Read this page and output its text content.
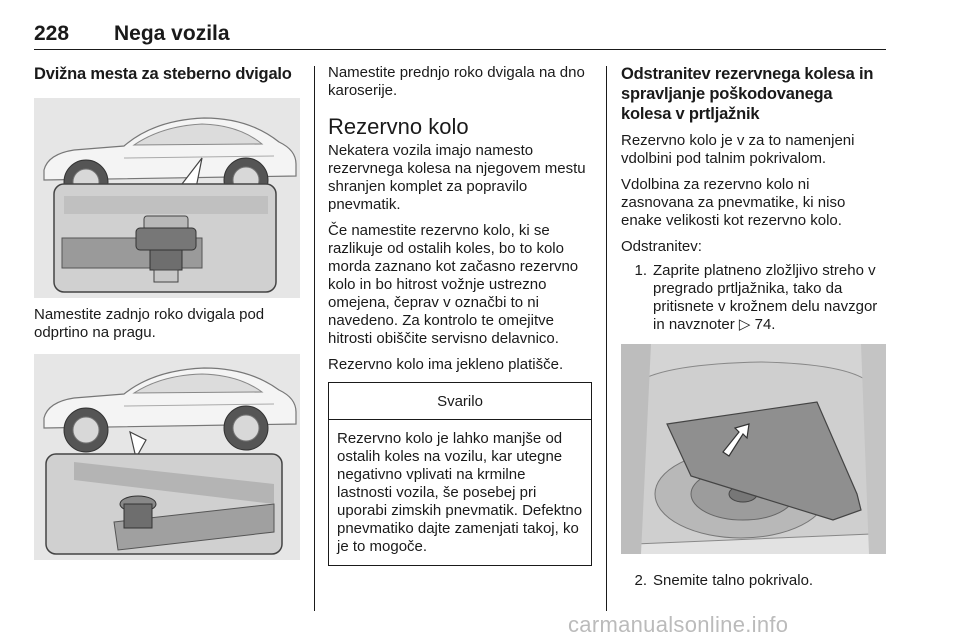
228 Nega vozila
Dvižna mesta za steberno dvigalo

Namestite zadnjo roko dvigala pod odprtino na pragu.

Namestite prednjo roko dvigala na dno karoserije.

Rezervno kolo

Nekatera vozila imajo namesto rezervnega kolesa na njegovem mestu shranjen komplet za popravilo pnevmatik.

Če namestite rezervno kolo, ki se razlikuje od ostalih koles, bo to kolo morda zaznano kot začasno rezervno kolo in bo hitrost vožnje ustrezno omejena, čeprav v označbi to ni navedeno. Za kontrolo te omejitve hitrosti obiščite servisno delavnico.

Rezervno kolo ima jekleno platišče.

Svarilo
Rezervno kolo je lahko manjše od ostalih koles na vozilu, kar utegne negativno vplivati na krmilne lastnosti vozila, še posebej pri uporabi zimskih pnevmatik. Defektno pnevmatiko dajte zamenjati takoj, ko je to mogoče.
Odstranitev rezervnega kolesa in spravljanje poškodovanega kolesa v prtljažnik

Rezervno kolo je v za to namenjeni vdolbini pod talnim pokrivalom.

Vdolbina za rezervno kolo ni zasnovana za pnevmatike, ki niso enake velikosti kot rezervno kolo.

Odstranitev:

1. Zaprite platneno zložljivo streho v pregrado prtljažnika, tako da pritisnete v krožnem delu navzgor in navznoter ▷ 74.
2. Snemite talno pokrivalo.
carmanualsonline.info
